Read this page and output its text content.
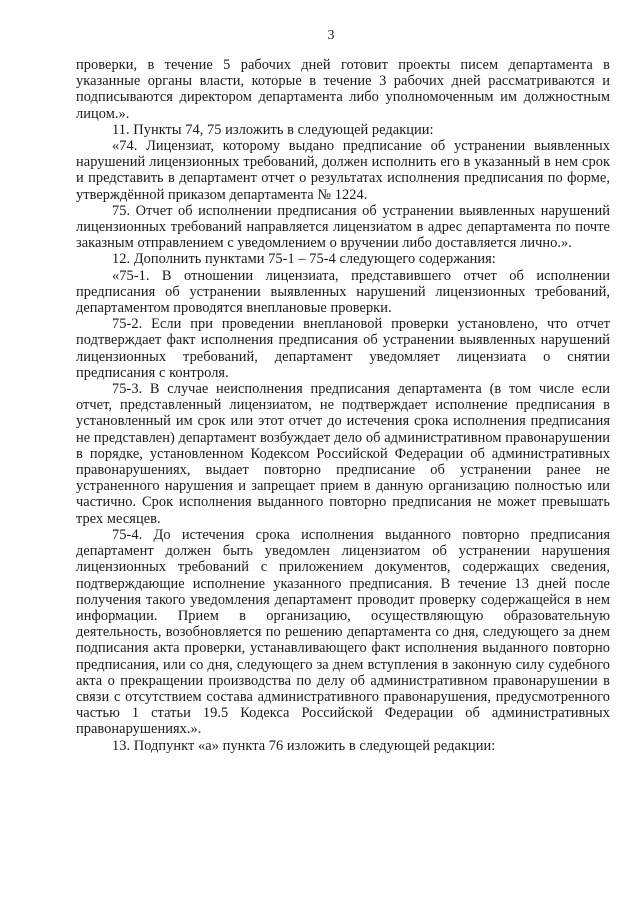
3

проверки, в течение 5 рабочих дней готовит проекты писем департамента в указанные органы власти, которые в течение 3 рабочих дней рассматриваются и подписываются директором департамента либо уполномоченным им должностным лицом.».

11. Пункты 74, 75 изложить в следующей редакции:

«74. Лицензиат, которому выдано предписание об устранении выявленных нарушений лицензионных требований, должен исполнить его в указанный в нем срок и представить в департамент отчет о результатах исполнения предписания по форме, утверждённой приказом департамента № 1224.

75. Отчет об исполнении предписания об устранении выявленных нарушений лицензионных требований направляется лицензиатом в адрес департамента по почте заказным отправлением с уведомлением о вручении либо доставляется лично.».

12. Дополнить пунктами 75-1 – 75-4 следующего содержания:

«75-1. В отношении лицензиата, представившего отчет об исполнении предписания об устранении выявленных нарушений лицензионных требований, департаментом проводятся внеплановые проверки.

75-2. Если при проведении внеплановой проверки установлено, что отчет подтверждает факт исполнения предписания об устранении выявленных нарушений лицензионных требований, департамент уведомляет лицензиата о снятии предписания с контроля.

75-3. В случае неисполнения предписания департамента (в том числе если отчет, представленный лицензиатом, не подтверждает исполнение предписания в установленный им срок или этот отчет до истечения срока исполнения предписания не представлен) департамент возбуждает дело об административном правонарушении в порядке, установленном Кодексом Российской Федерации об административных правонарушениях, выдает повторно предписание об устранении ранее не устраненного нарушения и запрещает прием в данную организацию полностью или частично. Срок исполнения выданного повторно предписания не может превышать трех месяцев.

75-4. До истечения срока исполнения выданного повторно предписания департамент должен быть уведомлен лицензиатом об устранении нарушения лицензионных требований с приложением документов, содержащих сведения, подтверждающие исполнение указанного предписания. В течение 13 дней после получения такого уведомления департамент проводит проверку содержащейся в нем информации. Прием в организацию, осуществляющую образовательную деятельность, возобновляется по решению департамента со дня, следующего за днем подписания акта проверки, устанавливающего факт исполнения выданного повторно предписания, или со дня, следующего за днем вступления в законную силу судебного акта о прекращении производства по делу об административном правонарушении в связи с отсутствием состава административного правонарушения, предусмотренного частью 1 статьи 19.5 Кодекса Российской Федерации об административных правонарушениях.».

13. Подпункт «а» пункта 76 изложить в следующей редакции:
